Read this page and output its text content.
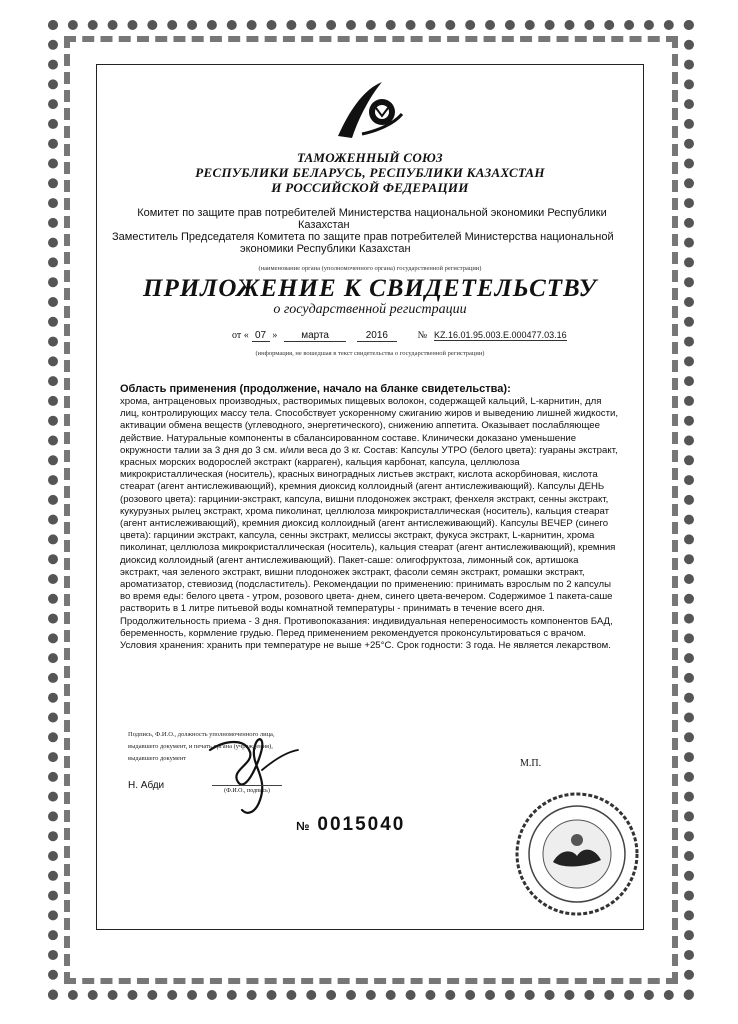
ТАМОЖЕННЫЙ СОЮЗ
РЕСПУБЛИКИ БЕЛАРУСЬ, РЕСПУБЛИКИ КАЗАХСТАН
И РОССИЙСКОЙ ФЕДЕРАЦИИ
Комитет по защите прав потребителей Министерства национальной экономики Республики
Казахстан
Заместитель Председателя Комитета по защите прав потребителей Министерства национальной
экономики Республики Казахстан
(наименование органа (уполномоченного органа) государственной регистрации)
ПРИЛОЖЕНИЕ К СВИДЕТЕЛЬСТВУ
о государственной регистрации
от « 07 » марта	2016	№ KZ.16.01.95.003.E.000477.03.16
(информация, не вошедшая в текст свидетельства о государственной регистрации)

Область применения (продолжение, начало на бланке свидетельства):

хрома, антраценовых производных, растворимых пищевых волокон, содержащей кальций, L-карнитин, для лиц, контролирующих массу тела. Способствует ускоренному сжиганию жиров и выведению лишней жидкости, активации обмена веществ (углеводного, энергетического), снижению аппетита. Оказывает послабляющее действие. Натуральные компоненты в сбалансированном составе. Клинически доказано уменьшение окружности талии за 3 дня до 3 см. и/или веса до 3 кг. Состав: Капсулы УТРО (белого цвета): гуараны экстракт, красных морских водорослей экстракт (карраген), кальция карбонат, капсула, целлюлоза микрокристаллическая (носитель), красных виноградных листьев экстракт, кислота аскорбиновая, кислота стеарат (агент антислеживающий), кремния диоксид коллоидный (агент антислеживающий). Капсулы ДЕНЬ (розового цвета): гарцинии-экстракт, капсула, вишни плодоножек экстракт, фенхеля экстракт, сенны экстракт, кукурузных рылец экстракт, хрома пиколинат, целлюлоза микрокристаллическая (носитель), кальция стеарат (агент антислеживающий), кремния диоксид коллоидный (агент антислеживающий). Капсулы ВЕЧЕР (синего цвета): гарцинии экстракт, капсула, сенны экстракт, мелиссы экстракт, фукуса экстракт, L-карнитин, хрома пиколинат, целлюлоза микрокристаллическая (носитель), кальция стеарат (агент антислеживающий), кремния диоксид коллоидный (агент антислеживающий). Пакет-саше: олигофруктоза, лимонный сок, артишока экстракт, чая зеленого экстракт, вишни плодоножек экстракт, фасоли семян экстракт, ромашки экстракт, ароматизатор, стевиозид (подсластитель). Рекомендации по применению: принимать взрослым по 2 капсулы во время еды: белого цвета - утром, розового цвета- днем, синего цвета-вечером. Содержимое 1 пакета-саше растворить в 1 литре питьевой воды комнатной температуры - принимать в течение всего дня. Продолжительность приема - 3 дня. Противопоказания: индивидуальная непереносимость компонентов БАД, беременность, кормление грудью. Перед применением рекомендуется проконсультироваться с врачом. Условия хранения: хранить при температуре не выше +25°С. Срок годности: 3 года. Не является лекарством.

Подпись, Ф.И.О., должность уполномоченного лица,
выдавшего документ, и печать органа (учреждения),
выдавшего документ	М.П.
Н. Абди	(Ф.И.О., подпись)
№ 0015040
